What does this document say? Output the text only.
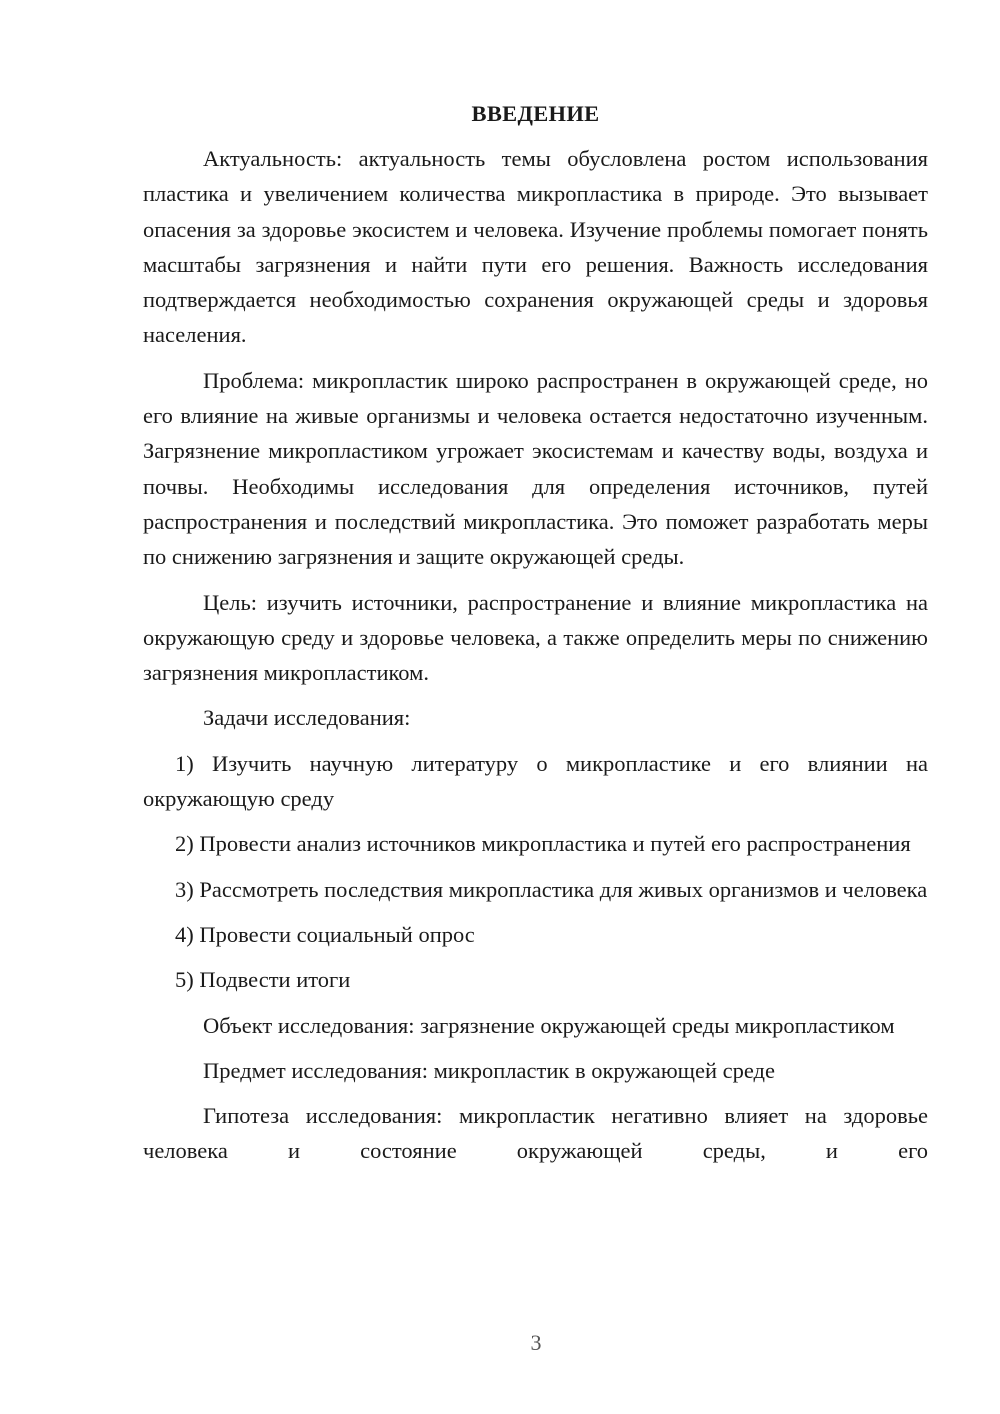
ВВЕДЕНИЕ

Актуальность: актуальность темы обусловлена ростом использования пластика и увеличением количества микропластика в природе. Это вызывает опасения за здоровье экосистем и человека. Изучение проблемы помогает понять масштабы загрязнения и найти пути его решения. Важность исследования подтверждается необходимостью сохранения окружающей среды и здоровья населения.

Проблема: микропластик широко распространен в окружающей среде, но его влияние на живые организмы и человека остается недостаточно изученным. Загрязнение микропластиком угрожает экосистемам и качеству воды, воздуха и почвы. Необходимы исследования для определения источников, путей распространения и последствий микропластика. Это поможет разработать меры по снижению загрязнения и защите окружающей среды.

Цель: изучить источники, распространение и влияние микропластика на окружающую среду и здоровье человека, а также определить меры по снижению загрязнения микропластиком.

Задачи исследования:

1) Изучить научную литературу о микропластике и его влиянии на окружающую среду

2) Провести анализ источников микропластика и путей его распространения

3) Рассмотреть последствия микропластика для живых организмов и человека

4) Провести социальный опрос

5) Подвести итоги

Объект исследования: загрязнение окружающей среды микропластиком

Предмет исследования: микропластик в окружающей среде

Гипотеза исследования: микропластик негативно влияет на здоровье человека и состояние окружающей среды, и его

3
